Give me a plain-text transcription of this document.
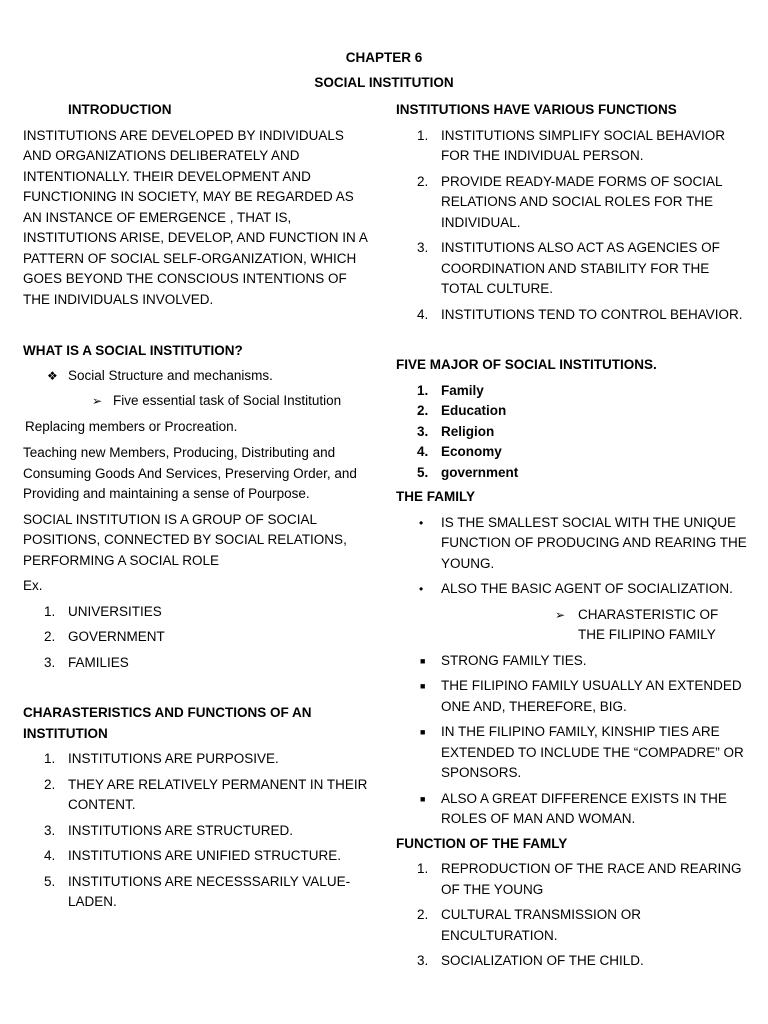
CHAPTER 6
SOCIAL INSTITUTION
INTRODUCTION

INSTITUTIONS ARE DEVELOPED BY INDIVIDUALS AND ORGANIZATIONS DELIBERATELY AND INTENTIONALLY. THEIR DEVELOPMENT AND FUNCTIONING IN SOCIETY, MAY BE REGARDED AS AN INSTANCE OF EMERGENCE , THAT IS, INSTITUTIONS ARISE, DEVELOP, AND FUNCTION IN A PATTERN OF SOCIAL SELF-ORGANIZATION, WHICH GOES BEYOND THE CONSCIOUS INTENTIONS OF THE INDIVIDUALS INVOLVED.

WHAT IS A SOCIAL INSTITUTION?
❖ Social Structure and mechanisms.
➢ Five essential task of Social Institution

Replacing members or Procreation.

Teaching new Members, Producing, Distributing and Consuming Goods And Services, Preserving Order, and Providing and maintaining a sense of Pourpose.

SOCIAL INSTITUTION IS A GROUP OF SOCIAL POSITIONS, CONNECTED BY SOCIAL RELATIONS, PERFORMING A SOCIAL ROLE

Ex.

1. UNIVERSITIES
2. GOVERNMENT
3. FAMILIES
CHARASTERISTICS AND FUNCTIONS OF AN INSTITUTION
1. INSTITUTIONS ARE PURPOSIVE.
2. THEY ARE RELATIVELY PERMANENT IN THEIR CONTENT.
3. INSTITUTIONS ARE STRUCTURED.
4. INSTITUTIONS ARE UNIFIED STRUCTURE.
5. INSTITUTIONS ARE NECESSSARILY VALUE-LADEN.
INSTITUTIONS HAVE VARIOUS FUNCTIONS
1. INSTITUTIONS SIMPLIFY SOCIAL BEHAVIOR FOR THE INDIVIDUAL PERSON.
2. PROVIDE READY-MADE FORMS OF SOCIAL RELATIONS AND SOCIAL ROLES FOR THE INDIVIDUAL.
3. INSTITUTIONS ALSO ACT AS AGENCIES OF COORDINATION AND STABILITY FOR THE TOTAL CULTURE.
4. INSTITUTIONS TEND TO CONTROL BEHAVIOR.
FIVE MAJOR OF SOCIAL INSTITUTIONS.
1. Family
2. Education
3. Religion
4. Economy
5. government
THE FAMILY
•	IS THE SMALLEST SOCIAL WITH THE UNIQUE FUNCTION OF PRODUCING AND REARING THE YOUNG.
•	ALSO THE BASIC AGENT OF SOCIALIZATION.
➢ CHARASTERISTIC OF THE FILIPINO FAMILY
■	STRONG FAMILY TIES.
■	THE FILIPINO FAMILY USUALLY AN EXTENDED ONE AND, THEREFORE, BIG.
■	IN THE FILIPINO FAMILY, KINSHIP TIES ARE EXTENDED TO INCLUDE THE “COMPADRE” OR SPONSORS.
■	ALSO A GREAT DIFFERENCE EXISTS IN THE ROLES OF MAN AND WOMAN.
FUNCTION OF THE FAMLY
1. REPRODUCTION OF THE RACE AND REARING OF THE YOUNG
2. CULTURAL TRANSMISSION OR ENCULTURATION.
3. SOCIALIZATION OF THE CHILD.
